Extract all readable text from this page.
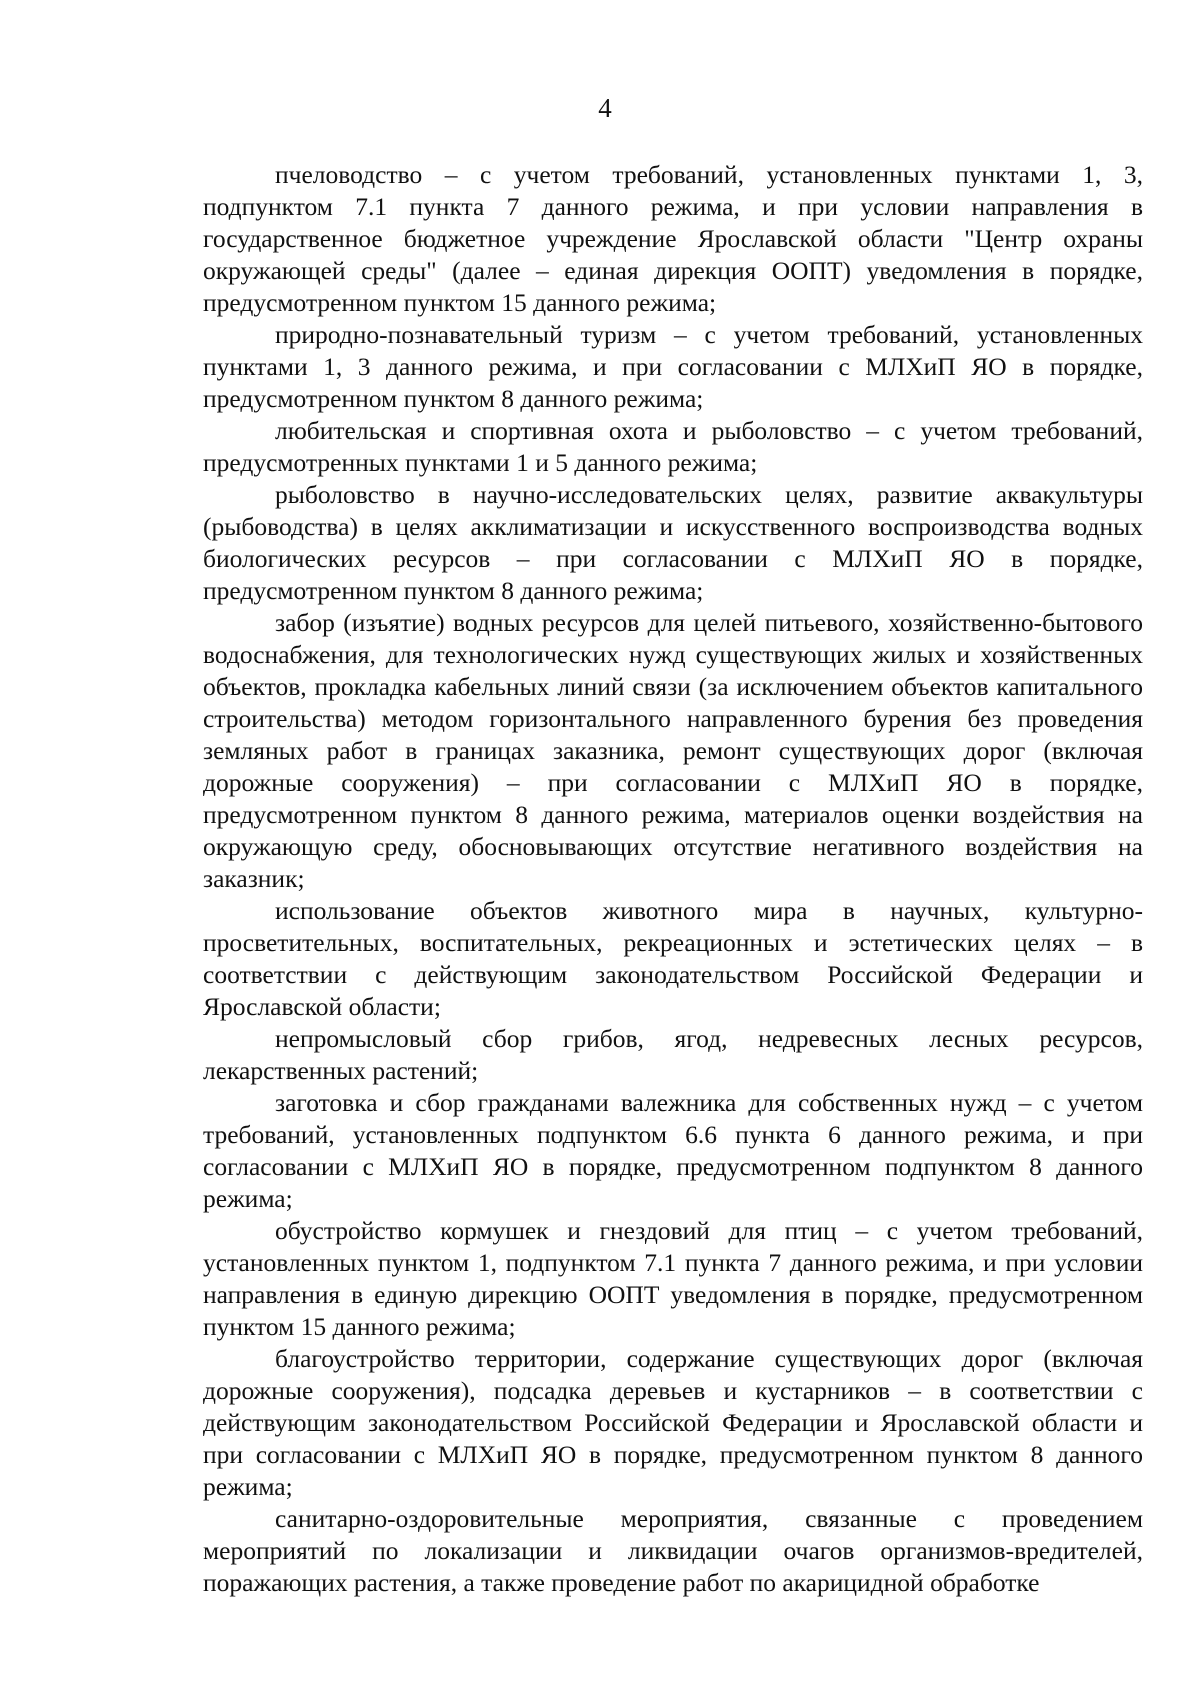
4

пчеловодство – с учетом требований, установленных пунктами 1, 3, подпунктом 7.1 пункта 7 данного режима, и при условии направления в государственное бюджетное учреждение Ярославской области "Центр охраны окружающей среды" (далее – единая дирекция ООПТ) уведомления в порядке, предусмотренном пунктом 15 данного режима;

природно-познавательный туризм – с учетом требований, установленных пунктами 1, 3 данного режима, и при согласовании с МЛХиП ЯО в порядке, предусмотренном пунктом 8 данного режима;

любительская и спортивная охота и рыболовство – с учетом требований, предусмотренных пунктами 1 и 5 данного режима;

рыболовство в научно-исследовательских целях, развитие аквакультуры (рыбоводства) в целях акклиматизации и искусственного воспроизводства водных биологических ресурсов – при согласовании с МЛХиП ЯО в порядке, предусмотренном пунктом 8 данного режима;

забор (изъятие) водных ресурсов для целей питьевого, хозяйственно-бытового водоснабжения, для технологических нужд существующих жилых и хозяйственных объектов, прокладка кабельных линий связи (за исключением объектов капитального строительства) методом горизонтального направленного бурения без проведения земляных работ в границах заказника, ремонт существующих дорог (включая дорожные сооружения) – при согласовании с МЛХиП ЯО в порядке, предусмотренном пунктом 8 данного режима, материалов оценки воздействия на окружающую среду, обосновывающих отсутствие негативного воздействия на заказник;

использование объектов животного мира в научных, культурно-просветительных, воспитательных, рекреационных и эстетических целях – в соответствии с действующим законодательством Российской Федерации и Ярославской области;

непромысловый сбор грибов, ягод, недревесных лесных ресурсов, лекарственных растений;

заготовка и сбор гражданами валежника для собственных нужд – с учетом требований, установленных подпунктом 6.6 пункта 6 данного режима, и при согласовании с МЛХиП ЯО в порядке, предусмотренном подпунктом 8 данного режима;

обустройство кормушек и гнездовий для птиц – с учетом требований, установленных пунктом 1, подпунктом 7.1 пункта 7 данного режима, и при условии направления в единую дирекцию ООПТ уведомления в порядке, предусмотренном пунктом 15 данного режима;

благоустройство территории, содержание существующих дорог (включая дорожные сооружения), подсадка деревьев и кустарников – в соответствии с действующим законодательством Российской Федерации и Ярославской области и при согласовании с МЛХиП ЯО в порядке, предусмотренном пунктом 8 данного режима;

санитарно-оздоровительные мероприятия, связанные с проведением мероприятий по локализации и ликвидации очагов организмов-вредителей, поражающих растения, а также проведение работ по акарицидной обработке
